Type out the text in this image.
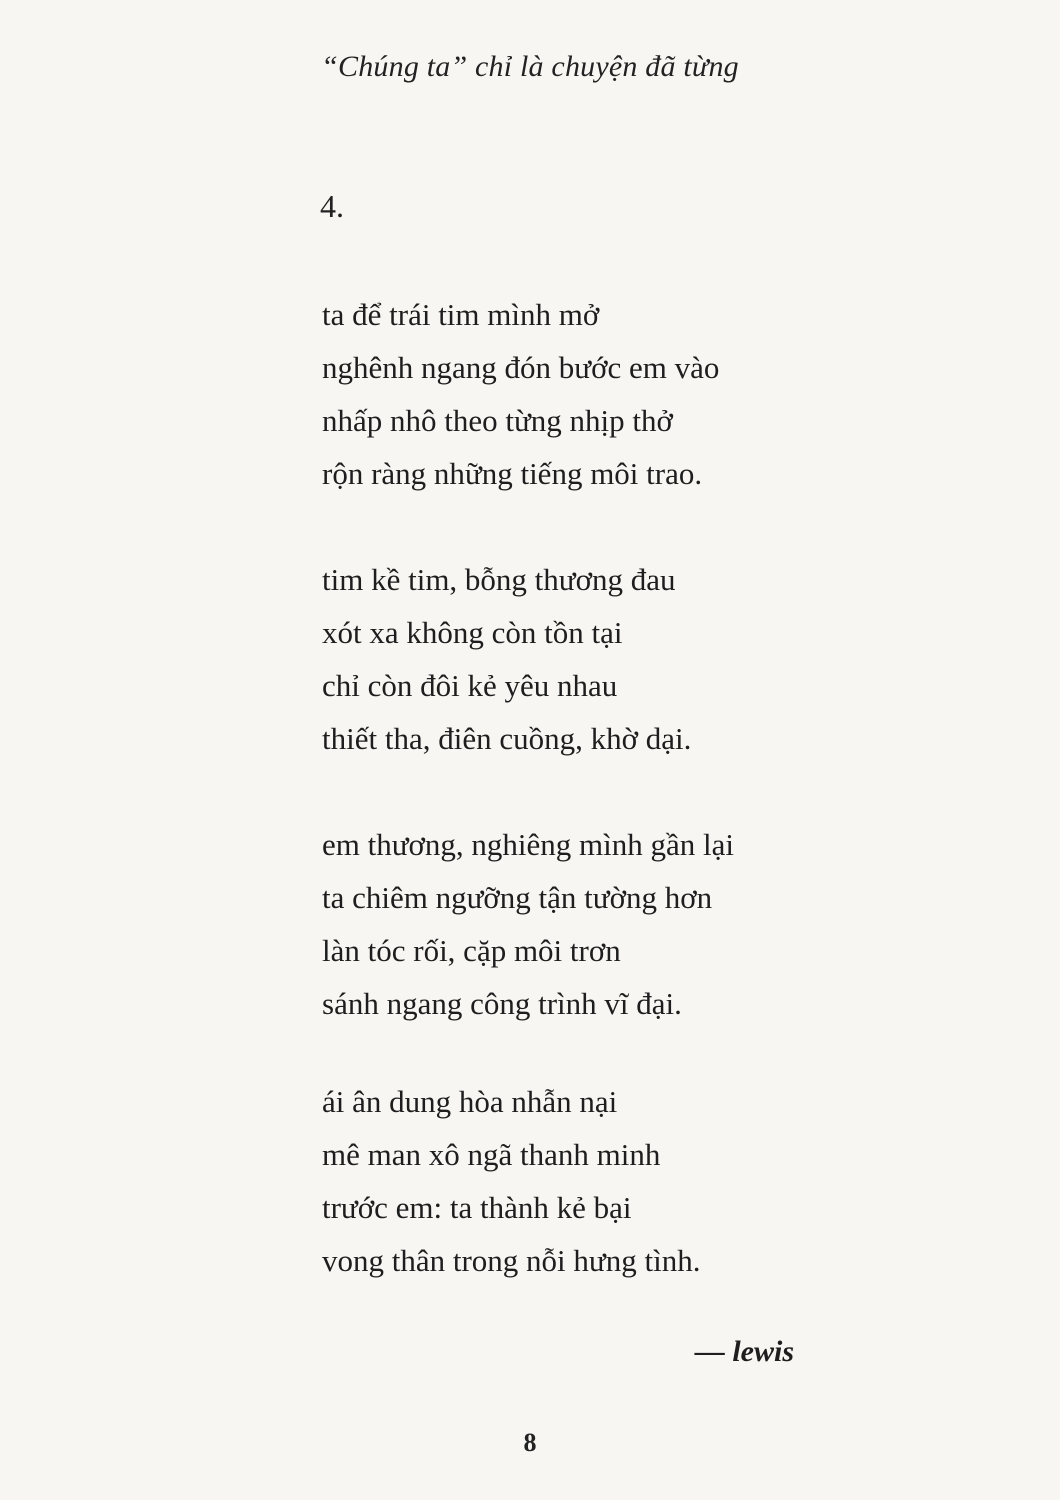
“Chúng ta” chỉ là chuyện đã từng
4.

ta để trái tim mình mở
nghênh ngang đón bước em vào
nhấp nhô theo từng nhịp thở
rộn ràng những tiếng môi trao.

tim kề tim, bỗng thương đau
xót xa không còn tồn tại
chỉ còn đôi kẻ yêu nhau
thiết tha, điên cuồng, khờ dại.

em thương, nghiêng mình gần lại
ta chiêm ngưỡng tận tường hơn
làn tóc rối, cặp môi trơn
sánh ngang công trình vĩ đại.

ái ân dung hòa nhẫn nại
mê man xô ngã thanh minh
trước em: ta thành kẻ bại
vong thân trong nỗi hưng tình.

— lewis
8
